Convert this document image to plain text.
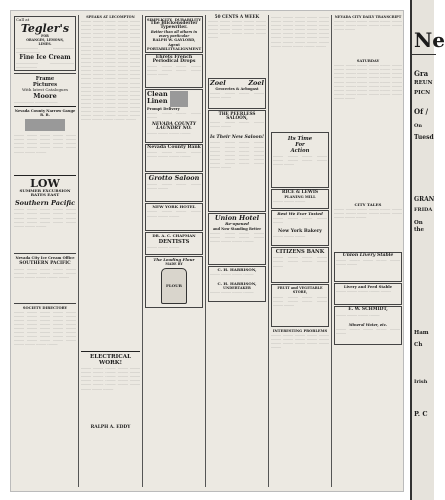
Call at
Tegler's
FOR
ORANGES, LEMONS,
LIMES.
...................... ..................... ........................
Fine Ice Cream
...................... ........................ .....................
Frame
Pictures
With latest Catalogues
Moore
.................... ......................
Nevada County Narrow Gauge R. R.
.......... .......... .......... .......... .......... .......... .......... .......... .......... .......... .......... .......... .......... .......... .......... .......... .......... .......... .......... .......... .......... .......... ..........
LOW
SUMMER EXCURSION
RATES EAST
Southern Pacific
.......... .......... .......... .......... .......... .......... .......... .......... .......... .......... .......... .......... .......... .......... .......... .......... .......... .......... .......... .......... .......... .......... ..........
Nevada City Ice Cream Office
SOUTHERN PACIFIC
.......... .......... .......... .......... .......... .......... .......... .......... .......... .......... .......... .......... .......... .......... ..........
SOCIETY DIRECTORY
.......... .......... .......... .......... .......... .......... .......... .......... .......... .......... .......... .......... .......... .......... .......... .......... .......... .......... .......... .......... .......... .......... .......... .......... .......... .......... .......... .......... .......... .......... .......... .......... .......... .......... .......... .......... .......... .......... .......... .......... .......... .......... .......... ..........
SPEAKS AT LECOMPTON
.......... .......... .......... .......... .......... .......... .......... .......... .......... .......... .......... .......... .......... .......... .......... .......... .......... .......... .......... .......... .......... .......... .......... .......... .......... .......... .......... .......... .......... .......... .......... .......... .......... .......... .......... .......... .......... .......... .......... .......... .......... .......... .......... .......... .......... .......... .......... .......... .......... .......... .......... .......... .......... .......... .......... .......... .......... .......... .......... .......... .......... .......... .......... .......... .......... .......... .......... .......... .......... .......... .......... .......... .......... .......... .......... .......... .......... .......... .......... .......... .......... .......... .......... .......... .......... .......... .......... .......... .......... .......... .......... .......... .......... .......... .......... .......... .......... .......... .......... .......... .......... .......... .......... .......... .......... .......... .......... .......... .......... .......... .......... .......... .......... .......... .......... .......... .......... .......... .......... .......... .......... .......... .......... .......... ..........
ELECTRICAL WORK!
.......... .......... .......... .......... .......... .......... .......... .......... .......... .......... .......... .......... .......... .......... .......... .......... .......... .......... .......... .......... .......... .......... .......... .......... .......... .......... .......... ..........
RALPH A. EDDY
SIMPLICITY DURABILITY
The Blickensderfer Typewriter.
Better than all others in every particular
RALPH W. GAYLORD, Agent
PORTABILITY ALIGNMENT
Ehrets French Periodical Drops
.......... .......... .......... .......... .......... .......... .......... .......... .......... ..........
Clean
Linen
Prompt Delivery
.......... .......... .......... .......... ..........
NEVADA COUNTY
LAUNDRY NO.
.......... .......... .......... ..........
Nevada County Bank
.......... .......... .......... .......... .......... .......... .......... ..........
Grotto Saloon
.......... .......... .......... .......... .......... ..........
NEW YORK HOTEL
.......... .......... .......... .......... .......... .......... ..........
DR. A. C. CHAPMAN
DENTISTS
.......... .......... ..........
The Leading Flour
MADE BY
FLOUR
50 CENTS A WEEK
.......... .......... .......... .......... .......... .......... .......... .......... .......... .......... .......... .......... .......... .......... .......... .......... .......... .......... .......... .......... ..........
Zoel	Zoel
Groceries & Arbogast
.......... .......... .......... .......... .......... ..........
THE PEERLESS SALOON,
.......... .......... .......... .......... .......... ..........
Is Their New Saloon!
.......... .......... .......... .......... .......... .......... .......... .......... .......... .......... .......... .......... .......... .......... .......... .......... .......... .......... .......... .......... .......... .......... .......... .......... .......... ..........
Union Hotel
Re-opened
and Now Standing Better
.......... .......... .......... .......... .......... .......... .......... .......... .......... .......... .......... ..........
C. H. HARRISON,
.......... .......... .......... ..........
C. H. HARRISON,
UNDERTAKER
.......... .......... .......... ..........
.......... .......... .......... .......... .......... .......... .......... .......... .......... .......... .......... .......... .......... .......... .......... .......... .......... .......... .......... .......... .......... .......... .......... .......... .......... .......... .......... .......... .......... .......... .......... .......... .......... .......... .......... .......... .......... .......... .......... ..........
Its Time
For
Action
.......... .......... .......... .......... .......... .......... .......... .......... .......... ..........
RICE & LEWIS
PLANING MILL
.......... .......... ..........
Best We Ever Tasted
.......... .......... .......... .......... ..........
New York Bakery
.......... .......... ..........
CITIZENS BANK
.......... .......... .......... .......... .......... .......... .......... .......... ..........
FRUIT and VEGETABLE STORE,
.......... .......... .......... .......... .......... .......... .......... .......... .......... ..........
INTERESTING PROBLEMS
.......... .......... .......... .......... .......... .......... .......... .......... .......... .......... .......... .......... .......... .......... .......... ..........
NEVADA CITY DAILY TRANSCRIPT
.......... .......... .......... .......... .......... .......... .......... .......... .......... .......... .......... .......... .......... ..........
SATURDAY
.......... .......... .......... .......... .......... .......... .......... .......... .......... .......... .......... .......... .......... .......... .......... .......... .......... .......... .......... .......... .......... .......... .......... .......... .......... .......... .......... .......... .......... .......... .......... .......... .......... .......... .......... .......... .......... .......... .......... .......... .......... .......... .......... .......... .......... .......... .......... .......... .......... ..........
CITY TALES
.......... .......... .......... .......... .......... .......... .......... .......... .......... .......... .......... .......... .......... .......... ..........
Union Livery Stable
.......... .......... .......... .......... .......... .......... ..........
Livery and Feed Stable
.......... .......... .......... .......... ..........
E. W. SCHMIDT,
.......... .......... .......... ..........
Mineral Water, etc.
.......... .......... .......... .......... .......... ..........
Ne
Gra
REUN
PICN
Of /
On
Tuesd
GRAN
FRIDA
On the
Ham
Ch
Irish
P. C
